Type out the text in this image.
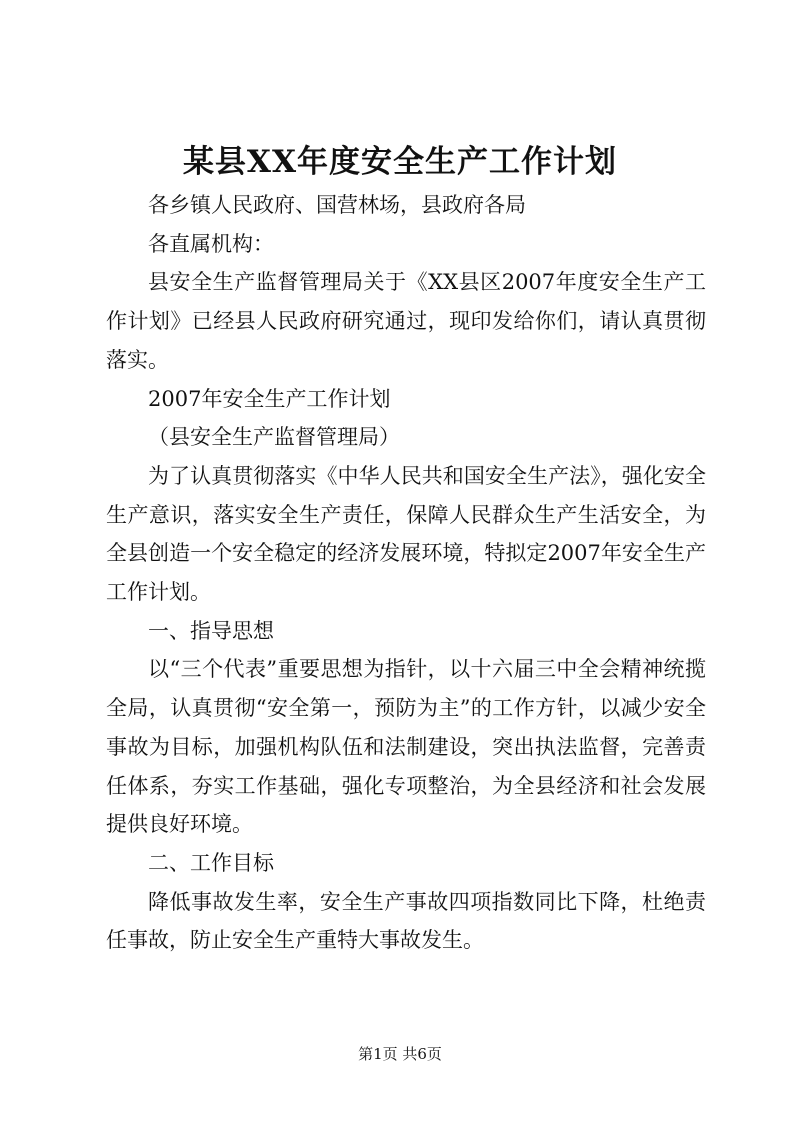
某县XX年度安全生产工作计划

各乡镇人民政府、国营林场，县政府各局

各直属机构：

县安全生产监督管理局关于《XX县区2007年度安全生产工作计划》已经县人民政府研究通过，现印发给你们，请认真贯彻落实。

2007年安全生产工作计划

（县安全生产监督管理局）

为了认真贯彻落实《中华人民共和国安全生产法》，强化安全生产意识，落实安全生产责任，保障人民群众生产生活安全，为全县创造一个安全稳定的经济发展环境，特拟定2007年安全生产工作计划。

一、指导思想

以“三个代表”重要思想为指针，以十六届三中全会精神统揽全局，认真贯彻“安全第一，预防为主”的工作方针，以减少安全事故为目标，加强机构队伍和法制建设，突出执法监督，完善责任体系，夯实工作基础，强化专项整治，为全县经济和社会发展提供良好环境。

二、工作目标

降低事故发生率，安全生产事故四项指数同比下降，杜绝责任事故，防止安全生产重特大事故发生。

第1页 共6页
